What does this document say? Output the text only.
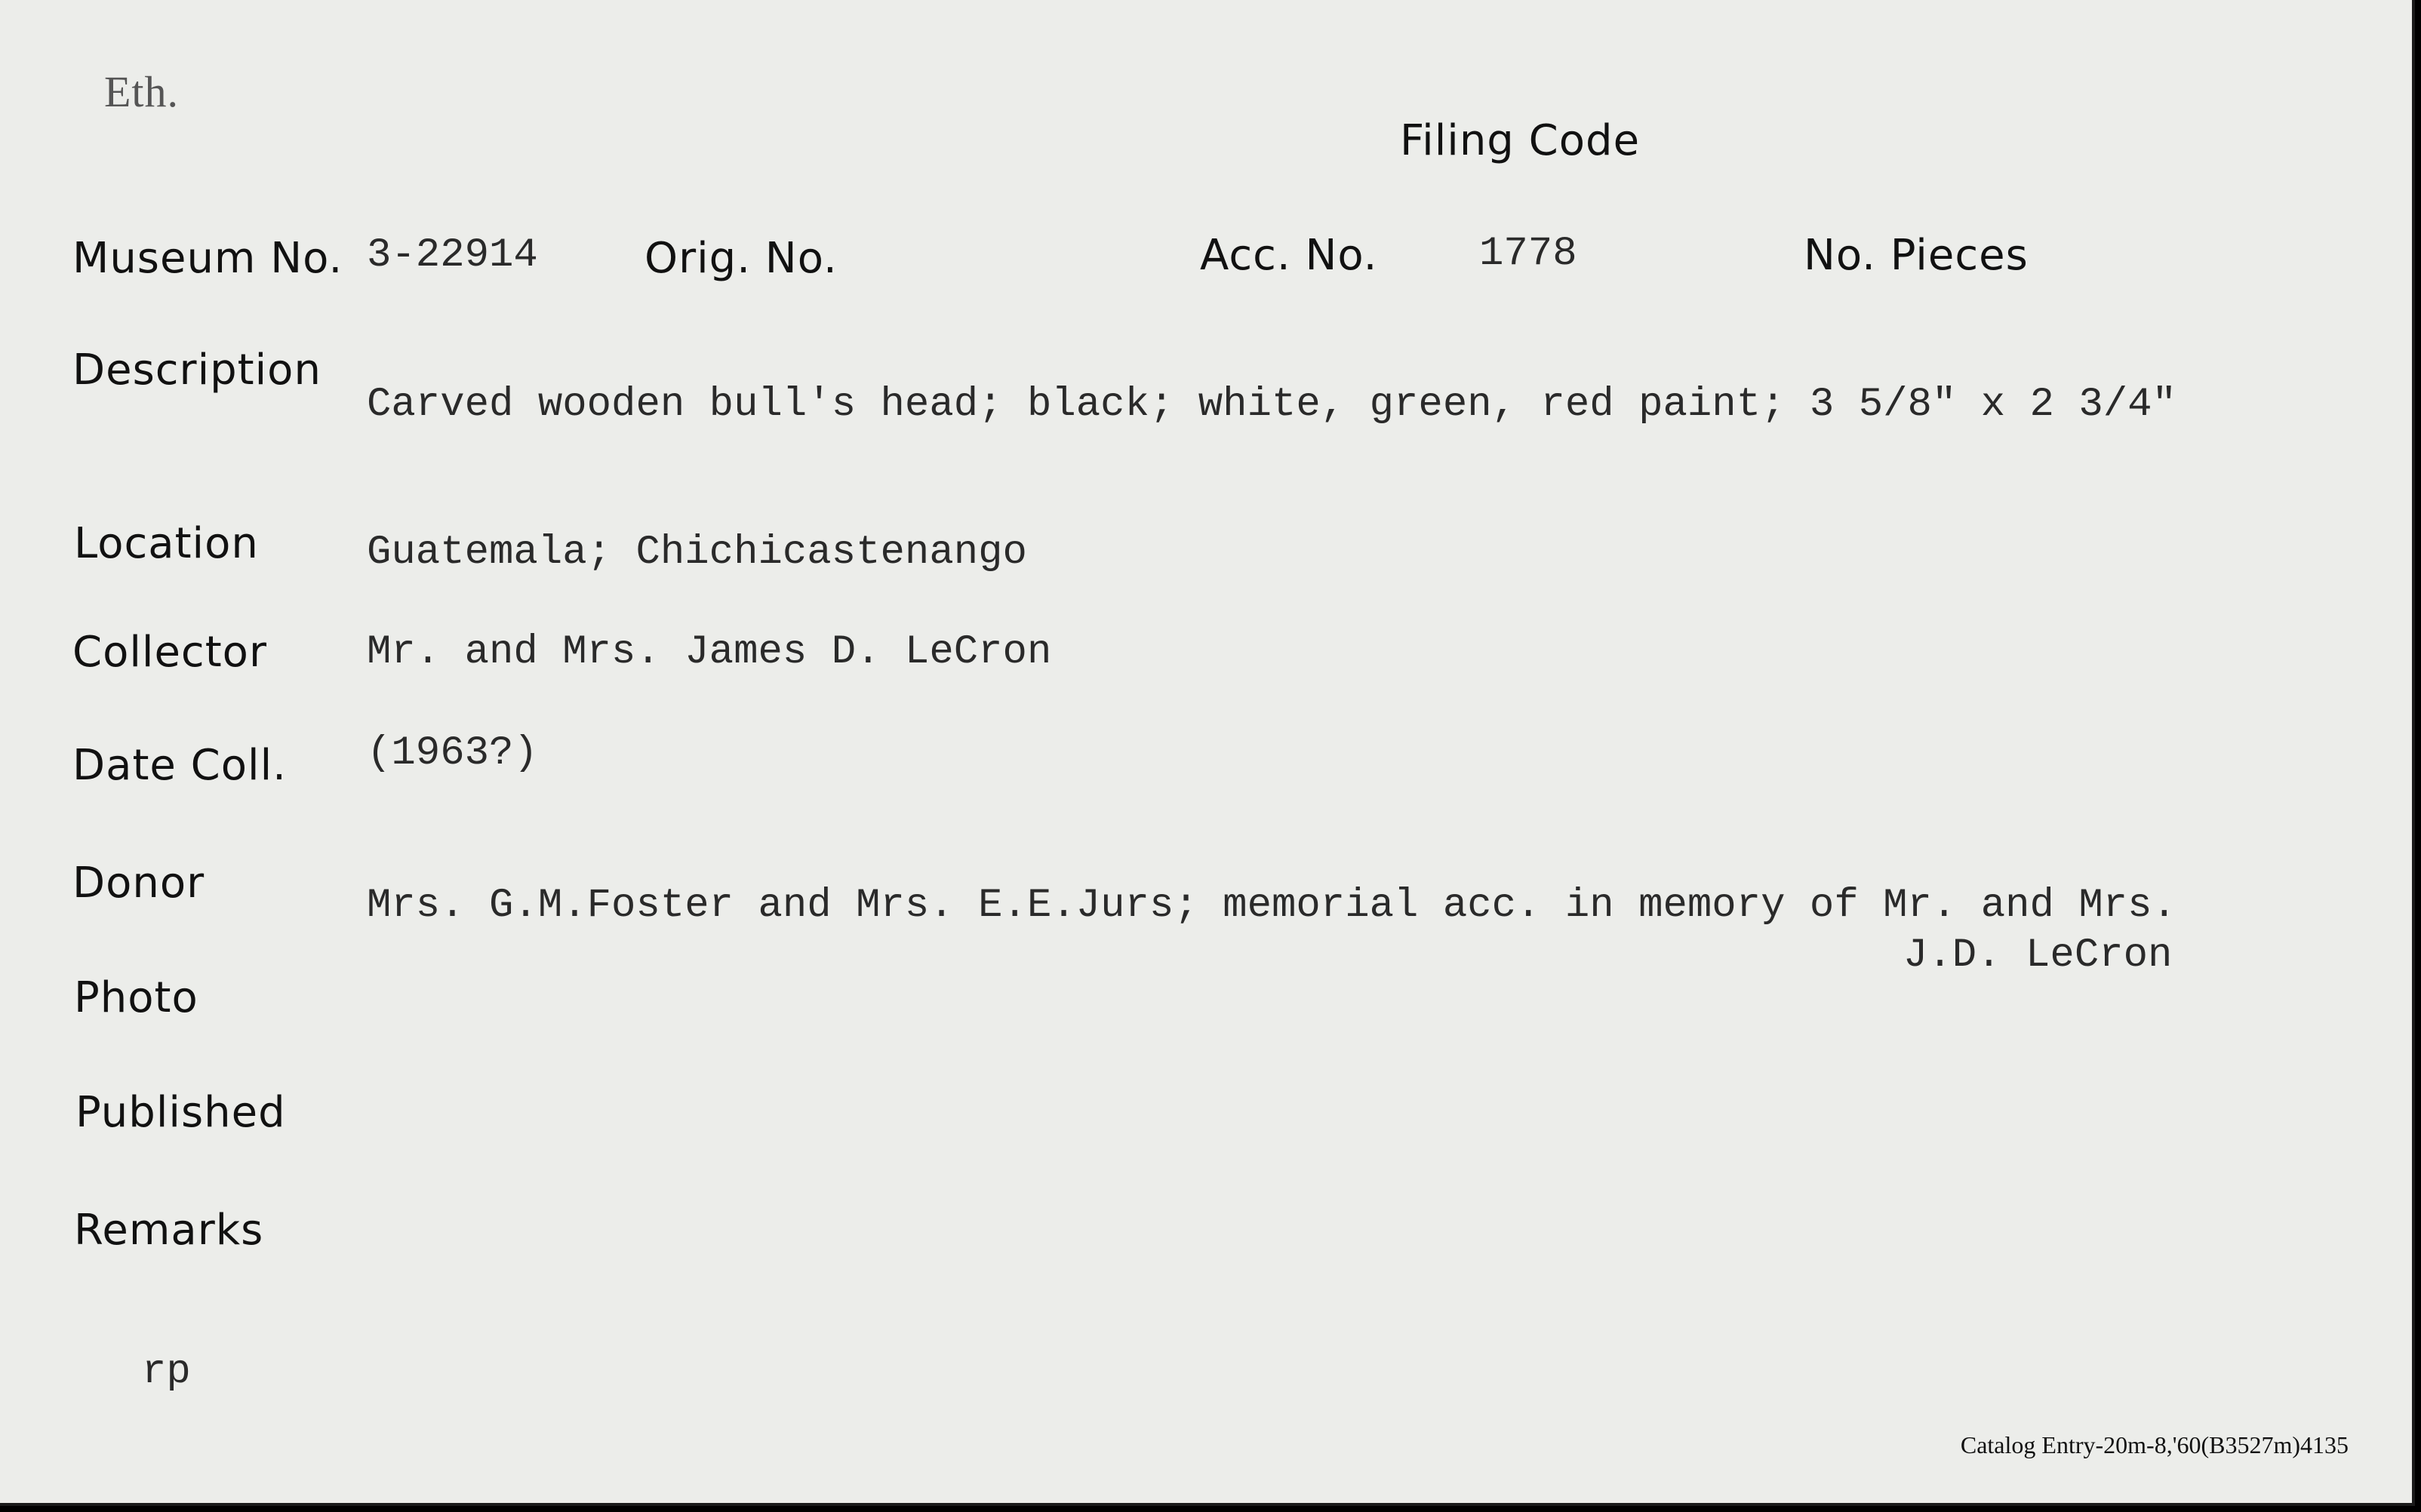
Eth.
Filing Code
Museum No. 3-22914	Orig. No.	Acc. No. 1778	No. Pieces
Description
Carved wooden bull's head; black; white, green, red paint; 3 5/8" x 2 3/4"
Location	Guatemala; Chichicastenango
Collector Mr. and Mrs. James D. LeCron
Date Coll. (1963?)
Donor	Mrs. G.M.Foster and Mrs. E.E.Jurs; memorial acc. in memory of Mr. and Mrs.
J.D. LeCron
Photo
Published
Remarks
rp
Catalog Entry-20m-8,'60(B3527m)4135
